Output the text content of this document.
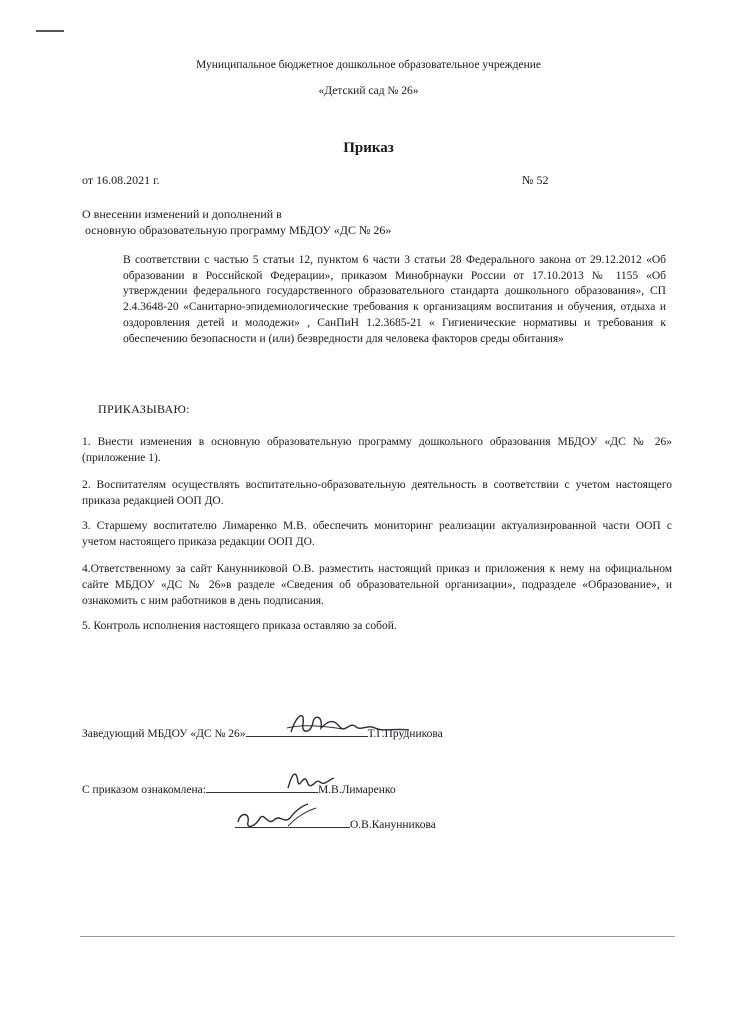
Муниципальное бюджетное дошкольное образовательное учреждение
«Детский сад № 26»
Приказ
от 16.08.2021 г.	№ 52
О внесении изменений и дополнений в
основную образовательную программу МБДОУ «ДС № 26»
В соответствии с частью 5 статьи 12, пунктом 6 части 3 статьи 28 Федерального закона от 29.12.2012 «Об образовании в Российской Федерации», приказом Минобрнауки России от 17.10.2013 № 1155 «Об утверждении федерального государственного образовательного стандарта дошкольного образования», СП 2.4.3648-20 «Санитарно-эпидемиологические требования к организациям воспитания и обучения, отдыха и оздоровления детей и молодежи» , СанПиН 1.2.3685-21 « Гигиенические нормативы и требования к обеспечению безопасности и (или) безвредности для человека факторов среды обитания»
ПРИКАЗЫВАЮ:
1. Внести изменения в основную образовательную программу дошкольного образования МБДОУ «ДС № 26» (приложение 1).
2. Воспитателям осуществлять воспитательно-образовательную деятельность в соответствии с учетом настоящего приказа редакцией ООП ДО.
3. Старшему воспитателю Лимаренко М.В. обеспечить мониторинг реализации актуализированной части ООП с учетом настоящего приказа редакции ООП ДО.
4.Ответственному за сайт Канунниковой О.В. разместить настоящий приказ и приложения к нему на официальном сайте МБДОУ «ДС № 26»в разделе «Сведения об образовательной организации», подразделе «Образование», и ознакомить с ним работников в день подписания.
5. Контроль исполнения настоящего приказа оставляю за собой.
Заведующий МБДОУ «ДС № 26»	Т.Г.Прудникова
С приказом ознакомлена:	М.В.Лимаренко
О.В.Канунникова
